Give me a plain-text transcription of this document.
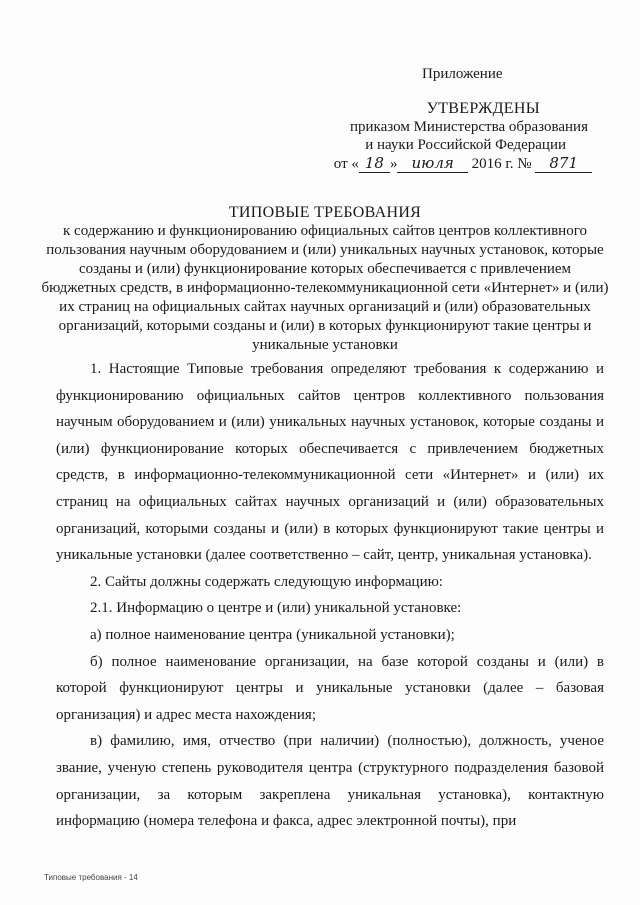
Приложение
УТВЕРЖДЕНЫ
приказом Министерства образования
и науки Российской Федерации
от « 18 » июля 2016 г. № 871
ТИПОВЫЕ ТРЕБОВАНИЯ
к содержанию и функционированию официальных сайтов центров коллективного пользования научным оборудованием и (или) уникальных научных установок, которые созданы и (или) функционирование которых обеспечивается с привлечением бюджетных средств, в информационно-телекоммуникационной сети «Интернет» и (или) их страниц на официальных сайтах научных организаций и (или) образовательных организаций, которыми созданы и (или) в которых функционируют такие центры и уникальные установки

1. Настоящие Типовые требования определяют требования к содержанию и функционированию официальных сайтов центров коллективного пользования научным оборудованием и (или) уникальных научных установок, которые созданы и (или) функционирование которых обеспечивается с привлечением бюджетных средств, в информационно-телекоммуникационной сети «Интернет» и (или) их страниц на официальных сайтах научных организаций и (или) образовательных организаций, которыми созданы и (или) в которых функционируют такие центры и уникальные установки (далее соответственно – сайт, центр, уникальная установка).

2. Сайты должны содержать следующую информацию:

2.1. Информацию о центре и (или) уникальной установке:

а) полное наименование центра (уникальной установки);

б) полное наименование организации, на базе которой созданы и (или) в которой функционируют центры и уникальные установки (далее – базовая организация) и адрес места нахождения;

в) фамилию, имя, отчество (при наличии) (полностью), должность, ученое звание, ученую степень руководителя центра (структурного подразделения базовой организации, за которым закреплена уникальная установка), контактную информацию (номера телефона и факса, адрес электронной почты), при

Типовые требования - 14
